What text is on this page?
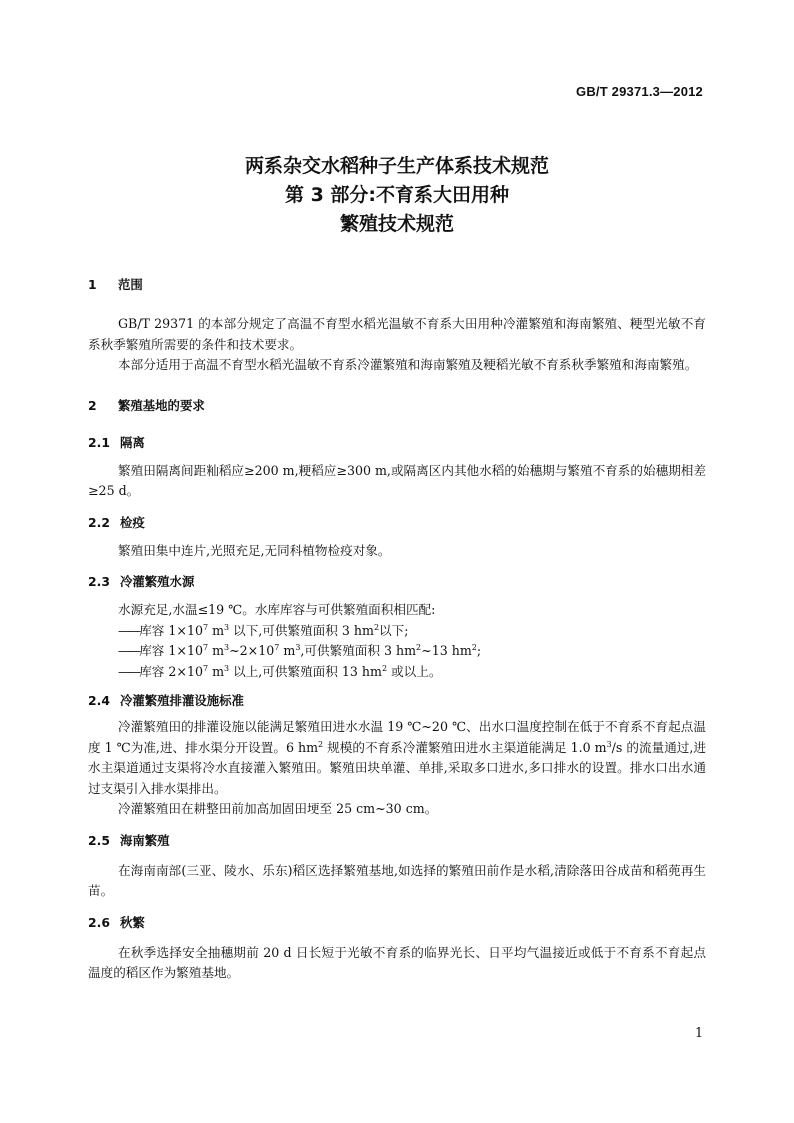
GB/T 29371.3—2012
两系杂交水稻种子生产体系技术规范
第 3 部分:不育系大田用种
繁殖技术规范
1 范围

GB/T 29371 的本部分规定了高温不育型水稻光温敏不育系大田用种冷灌繁殖和海南繁殖、粳型光敏不育系秋季繁殖所需要的条件和技术要求。

本部分适用于高温不育型水稻光温敏不育系冷灌繁殖和海南繁殖及粳稻光敏不育系秋季繁殖和海南繁殖。

2 繁殖基地的要求
2.1 隔离

繁殖田隔离间距籼稻应≥200 m,粳稻应≥300 m,或隔离区内其他水稻的始穗期与繁殖不育系的始穗期相差≥25 d。

2.2 检疫

繁殖田集中连片,光照充足,无同科植物检疫对象。

2.3 冷灌繁殖水源

水源充足,水温≤19 ℃。水库库容与可供繁殖面积相匹配:

——库容 $1\times 10^7$ $m^3$ 以下,可供繁殖面积 3 $hm^2$以下;
——库容 $1\times 10^7$ $m^3\sim 2\times 10^7$ $m^3$,可供繁殖面积 3 $hm^2\sim 13$ $hm^2$;
——库容 $2\times 10^7$ $m^3$ 以上,可供繁殖面积 13 $hm^2$ 或以上。
2.4 冷灌繁殖排灌设施标准

冷灌繁殖田的排灌设施以能满足繁殖田进水水温 19 ℃~20 ℃、出水口温度控制在低于不育系不育起点温度 1 ℃为准,进、排水渠分开设置。6 $hm^2$ 规模的不育系冷灌繁殖田进水主渠道能满足 1.0 $m^3/s$ 的流量通过,进水主渠道通过支渠将冷水直接灌入繁殖田。繁殖田块单灌、单排,采取多口进水,多口排水的设置。排水口出水通过支渠引入排水渠排出。

冷灌繁殖田在耕整田前加高加固田埂至 25 cm~30 cm。

2.5 海南繁殖

在海南南部(三亚、陵水、乐东)稻区选择繁殖基地,如选择的繁殖田前作是水稻,清除落田谷成苗和稻蔸再生苗。

2.6 秋繁

在秋季选择安全抽穗期前 20 d 日长短于光敏不育系的临界光长、日平均气温接近或低于不育系不育起点温度的稻区作为繁殖基地。

1
